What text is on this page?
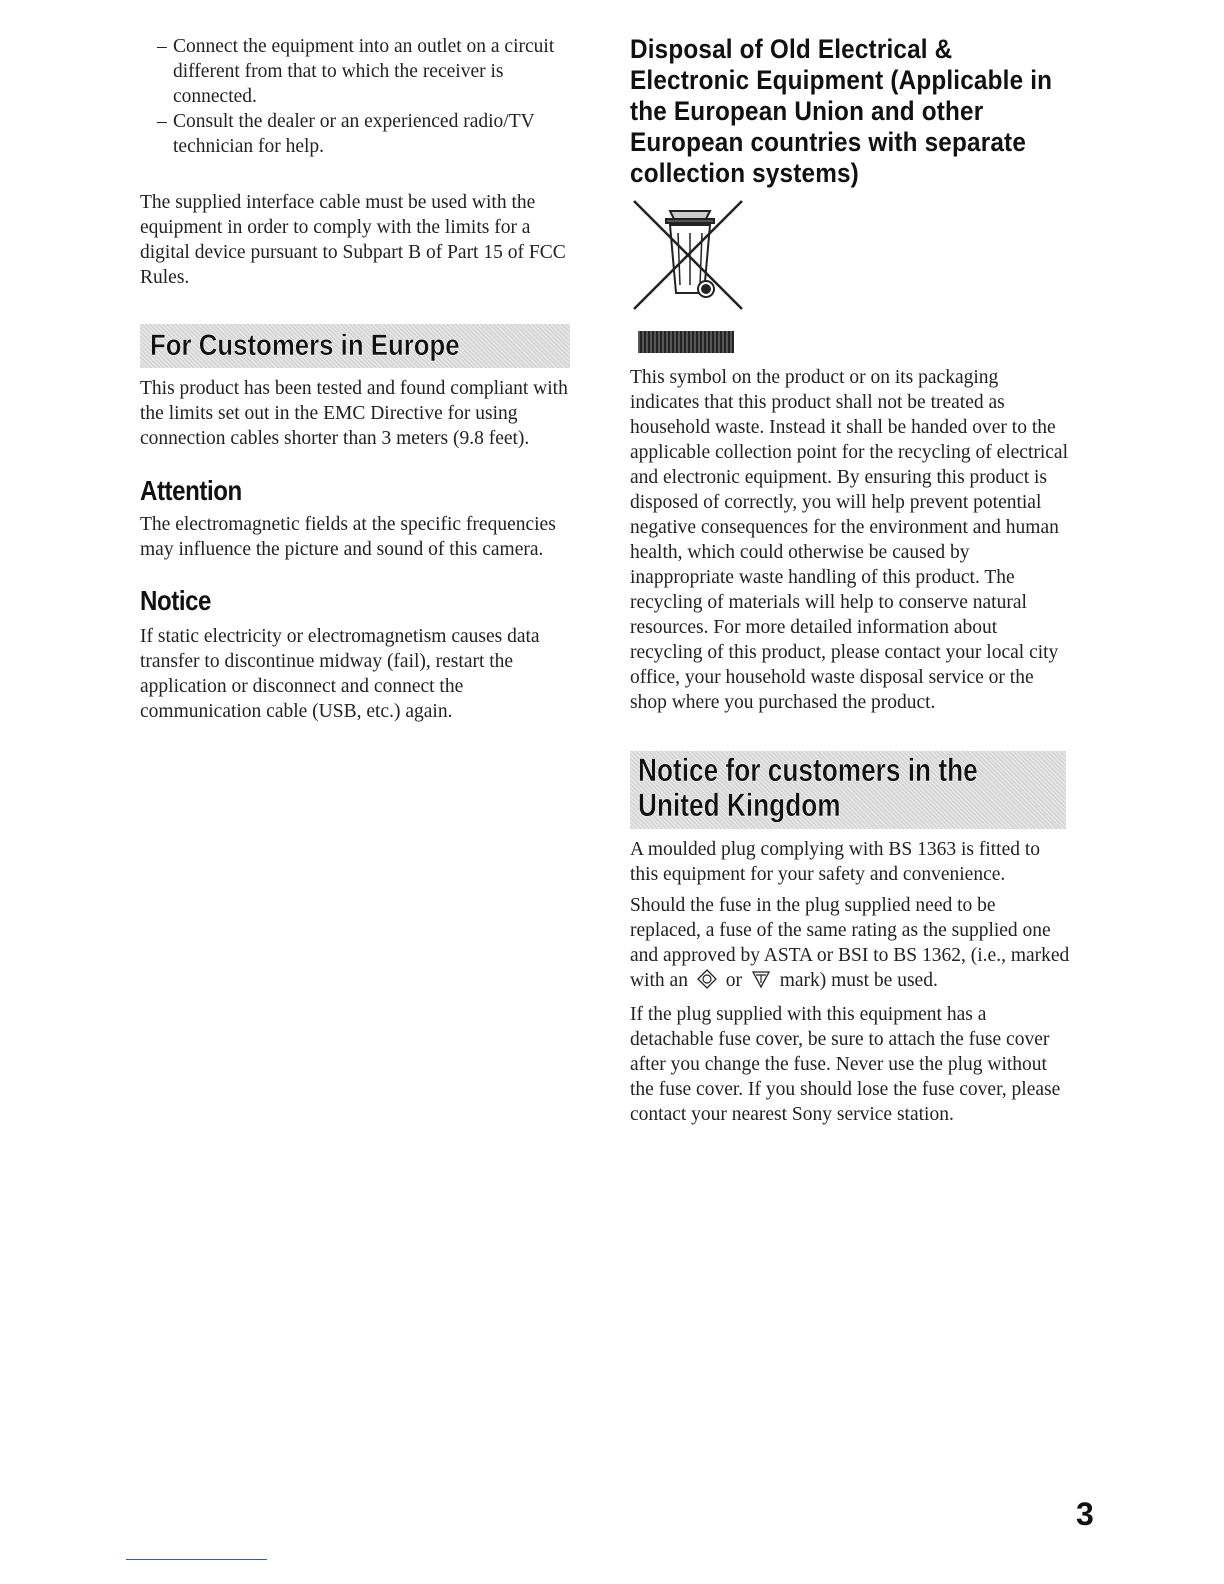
– Connect the equipment into an outlet on a circuit different from that to which the receiver is connected.
– Consult the dealer or an experienced radio/TV technician for help.

The supplied interface cable must be used with the equipment in order to comply with the limits for a digital device pursuant to Subpart B of Part 15 of FCC Rules.

For Customers in Europe

This product has been tested and found compliant with the limits set out in the EMC Directive for using connection cables shorter than 3 meters (9.8 feet).

Attention

The electromagnetic fields at the specific frequencies may influence the picture and sound of this camera.

Notice

If static electricity or electromagnetism causes data transfer to discontinue midway (fail), restart the application or disconnect and connect the communication cable (USB, etc.) again.

Disposal of Old Electrical & Electronic Equipment (Applicable in the European Union and other European countries with separate collection systems)

This symbol on the product or on its packaging indicates that this product shall not be treated as household waste. Instead it shall be handed over to the applicable collection point for the recycling of electrical and electronic equipment. By ensuring this product is disposed of correctly, you will help prevent potential negative consequences for the environment and human health, which could otherwise be caused by inappropriate waste handling of this product. The recycling of materials will help to conserve natural resources. For more detailed information about recycling of this product, please contact your local city office, your household waste disposal service or the shop where you purchased the product.

Notice for customers in the
United Kingdom

A moulded plug complying with BS 1363 is fitted to this equipment for your safety and convenience.

Should the fuse in the plug supplied need to be replaced, a fuse of the same rating as the supplied one and approved by ASTA or BSI to BS 1362, (i.e., marked with an or mark) must be used.

If the plug supplied with this equipment has a detachable fuse cover, be sure to attach the fuse cover after you change the fuse. Never use the plug without the fuse cover. If you should lose the fuse cover, please contact your nearest Sony service station.

3
